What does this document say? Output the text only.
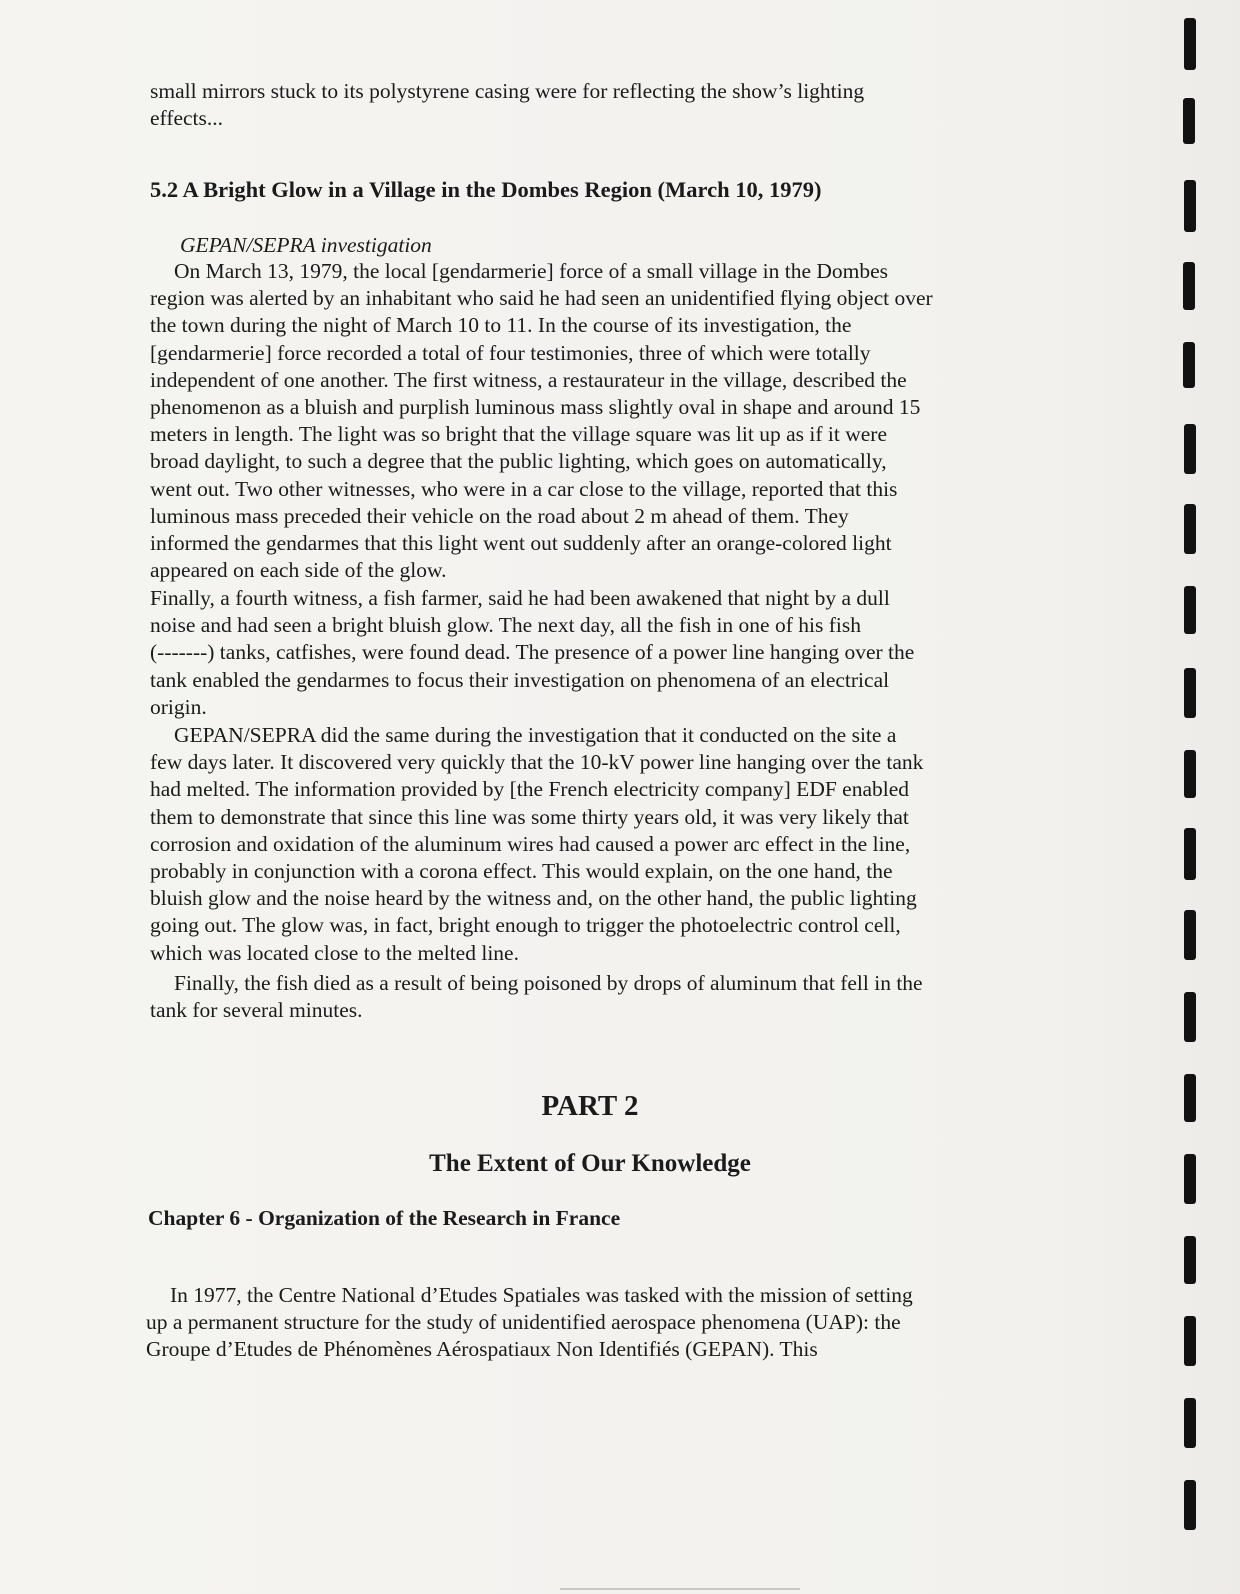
small mirrors stuck to its polystyrene casing were for reflecting the show’s lighting
effects...

5.2 A Bright Glow in a Village in the Dombes Region (March 10, 1979)

GEPAN/SEPRA investigation

On March 13, 1979, the local [gendarmerie] force of a small village in the Dombes
region was alerted by an inhabitant who said he had seen an unidentified flying object over
the town during the night of March 10 to 11. In the course of its investigation, the
[gendarmerie] force recorded a total of four testimonies, three of which were totally
independent of one another. The first witness, a restaurateur in the village, described the
phenomenon as a bluish and purplish luminous mass slightly oval in shape and around 15
meters in length. The light was so bright that the village square was lit up as if it were
broad daylight, to such a degree that the public lighting, which goes on automatically,
went out. Two other witnesses, who were in a car close to the village, reported that this
luminous mass preceded their vehicle on the road about 2 m ahead of them. They
informed the gendarmes that this light went out suddenly after an orange-colored light
appeared on each side of the glow.

Finally, a fourth witness, a fish farmer, said he had been awakened that night by a dull
noise and had seen a bright bluish glow. The next day, all the fish in one of his fish
(-------) tanks, catfishes, were found dead. The presence of a power line hanging over the
tank enabled the gendarmes to focus their investigation on phenomena of an electrical
origin.

GEPAN/SEPRA did the same during the investigation that it conducted on the site a
few days later. It discovered very quickly that the 10-kV power line hanging over the tank
had melted. The information provided by [the French electricity company] EDF enabled
them to demonstrate that since this line was some thirty years old, it was very likely that
corrosion and oxidation of the aluminum wires had caused a power arc effect in the line,
probably in conjunction with a corona effect. This would explain, on the one hand, the
bluish glow and the noise heard by the witness and, on the other hand, the public lighting
going out. The glow was, in fact, bright enough to trigger the photoelectric control cell,
which was located close to the melted line.

Finally, the fish died as a result of being poisoned by drops of aluminum that fell in the
tank for several minutes.

PART 2
The Extent of Our Knowledge
Chapter 6 - Organization of the Research in France

In 1977, the Centre National d’Etudes Spatiales was tasked with the mission of setting
up a permanent structure for the study of unidentified aerospace phenomena (UAP): the
Groupe d’Etudes de Phénomènes Aérospatiaux Non Identifiés (GEPAN). This
